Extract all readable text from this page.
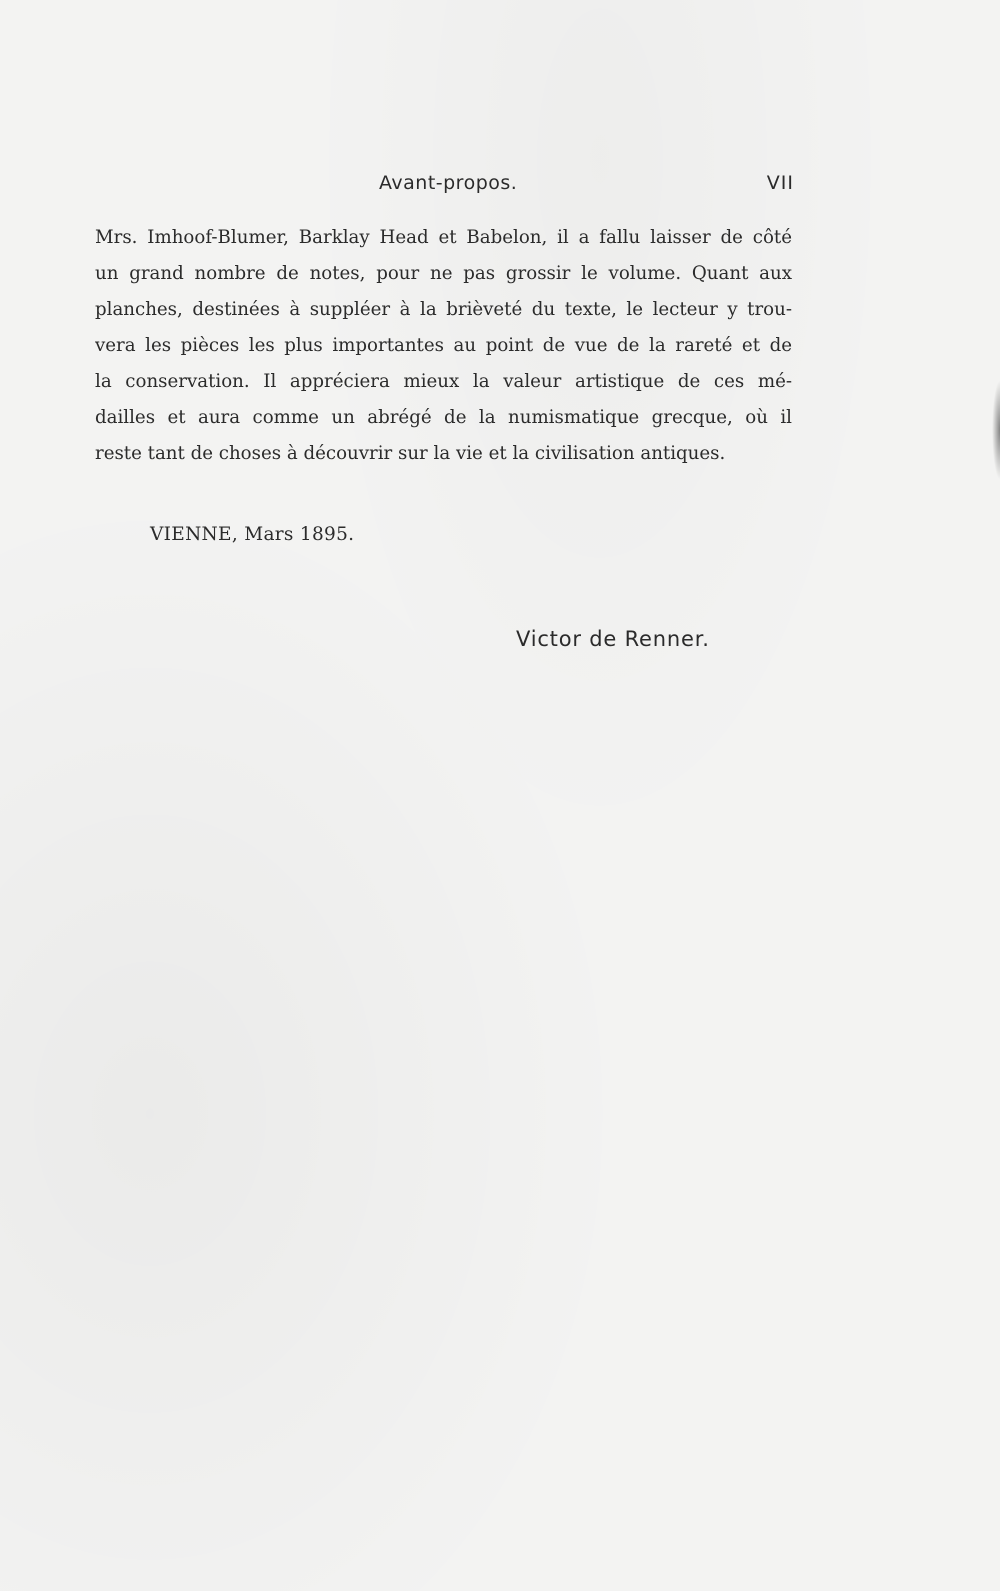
Avant-propos.	VII
Mrs. Imhoof-Blumer, Barklay Head et Babelon, il a fallu laisser de côté
un grand nombre de notes, pour ne pas grossir le volume. Quant aux
planches, destinées à suppléer à la brièveté du texte, le lecteur y trou-
vera les pièces les plus importantes au point de vue de la rareté et de
la conservation. Il appréciera mieux la valeur artistique de ces mé-
dailles et aura comme un abrégé de la numismatique grecque, où il
reste tant de choses à découvrir sur la vie et la civilisation antiques.
VIENNE, Mars 1895.
Victor de Renner.
